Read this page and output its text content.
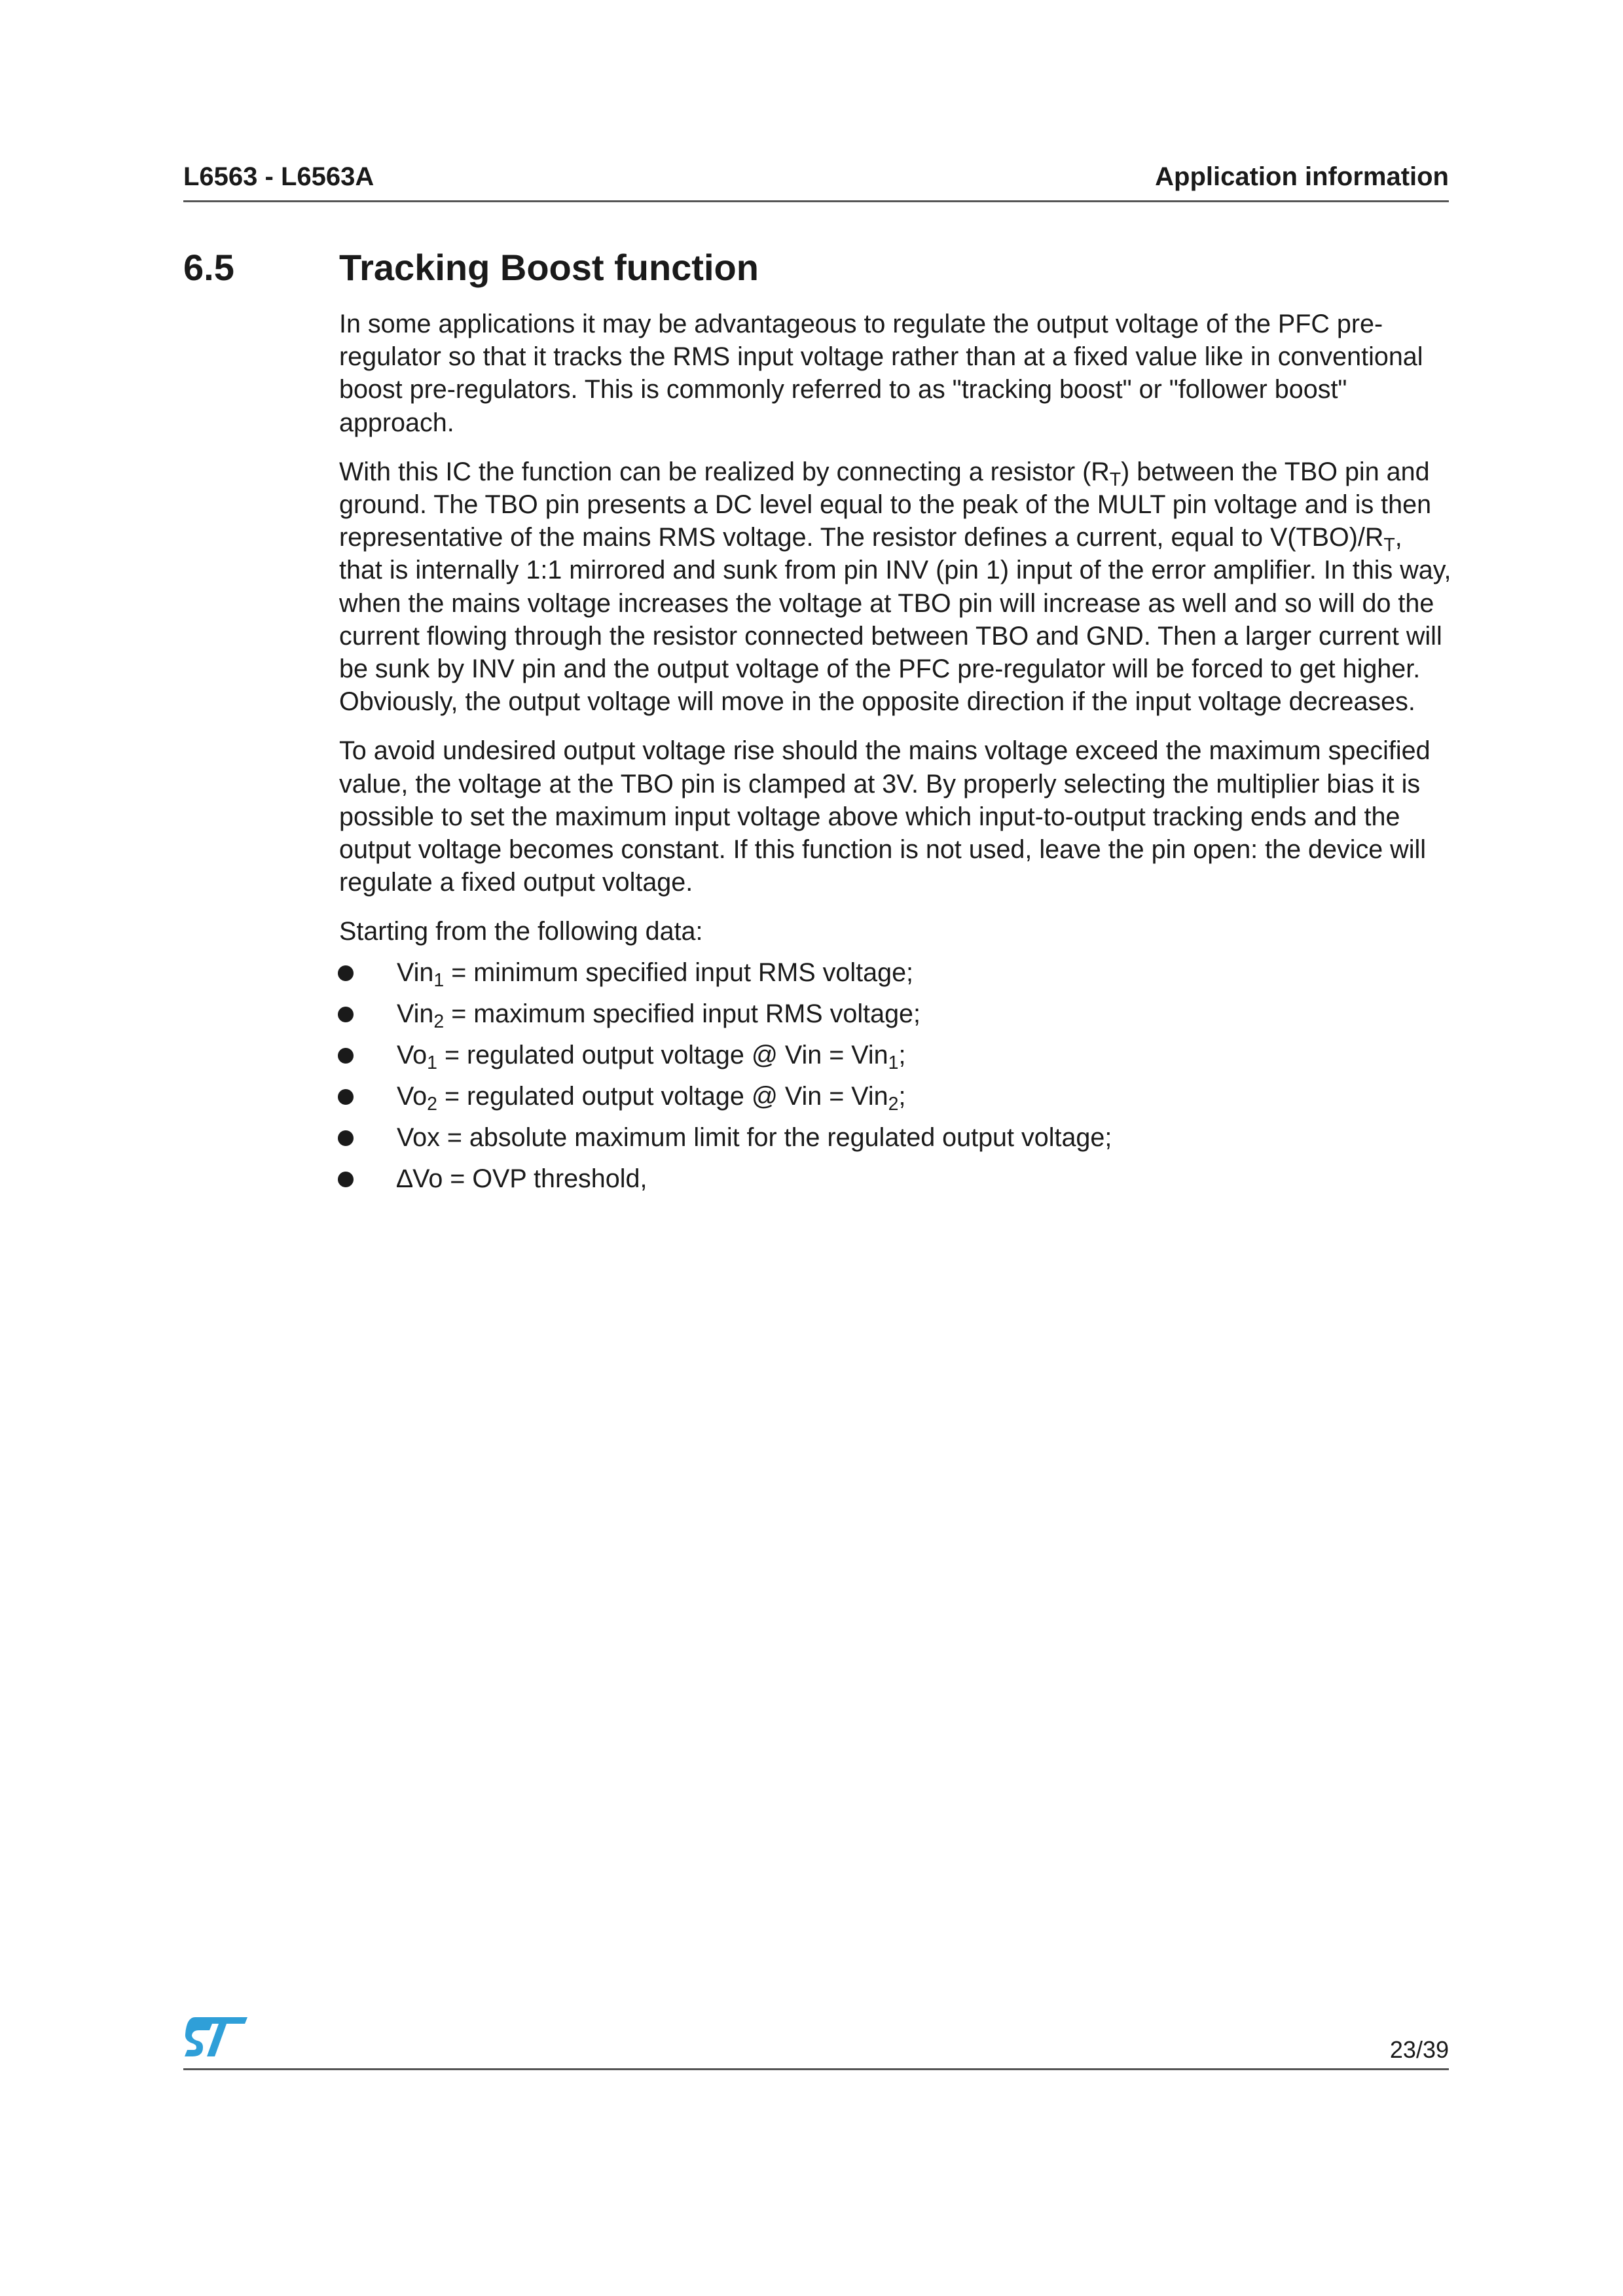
L6563 - L6563A	Application information
6.5	Tracking Boost function

In some applications it may be advantageous to regulate the output voltage of the PFC pre-regulator so that it tracks the RMS input voltage rather than at a fixed value like in conventional boost pre-regulators. This is commonly referred to as "tracking boost" or "follower boost" approach.

With this IC the function can be realized by connecting a resistor $(R_T)$ between the TBO pin and ground. The TBO pin presents a DC level equal to the peak of the MULT pin voltage and is then representative of the mains RMS voltage. The resistor defines a current, equal to $V(TBO)/R_T$, that is internally 1:1 mirrored and sunk from pin INV (pin 1) input of the error amplifier. In this way, when the mains voltage increases the voltage at TBO pin will increase as well and so will do the current flowing through the resistor connected between TBO and GND. Then a larger current will be sunk by INV pin and the output voltage of the PFC pre-regulator will be forced to get higher. Obviously, the output voltage will move in the opposite direction if the input voltage decreases.

To avoid undesired output voltage rise should the mains voltage exceed the maximum specified value, the voltage at the TBO pin is clamped at 3V. By properly selecting the multiplier bias it is possible to set the maximum input voltage above which input-to-output tracking ends and the output voltage becomes constant. If this function is not used, leave the pin open: the device will regulate a fixed output voltage.

Starting from the following data:

Vin$_1$ = minimum specified input RMS voltage;
Vin$_2$ = maximum specified input RMS voltage;
$Vo_1$ = regulated output voltage @ Vin = Vin$_1$;
$Vo_2$ = regulated output voltage @ Vin = Vin$_2$;
Vox = absolute maximum limit for the regulated output voltage;
∆Vo = OVP threshold,
23/39
